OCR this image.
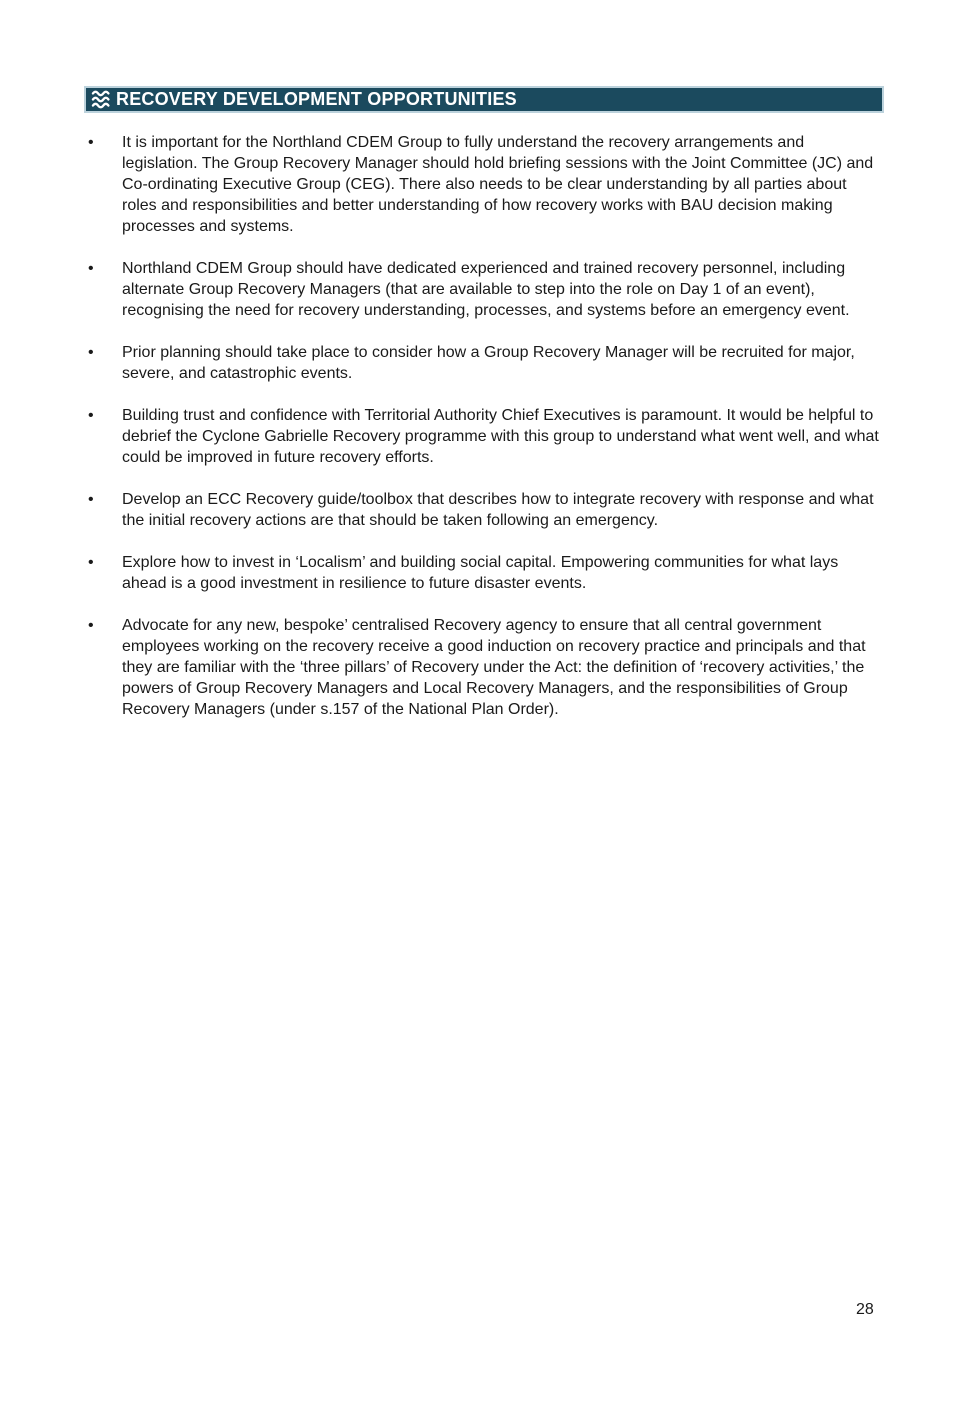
RECOVERY DEVELOPMENT OPPORTUNITIES
• It is important for the Northland CDEM Group to fully understand the recovery arrangements and legislation. The Group Recovery Manager should hold briefing sessions with the Joint Committee (JC) and Co-ordinating Executive Group (CEG). There also needs to be clear understanding by all parties about roles and responsibilities and better understanding of how recovery works with BAU decision making processes and systems.
• Northland CDEM Group should have dedicated experienced and trained recovery personnel, including alternate Group Recovery Managers (that are available to step into the role on Day 1 of an event), recognising the need for recovery understanding, processes, and systems before an emergency event.
• Prior planning should take place to consider how a Group Recovery Manager will be recruited for major, severe, and catastrophic events.
• Building trust and confidence with Territorial Authority Chief Executives is paramount. It would be helpful to debrief the Cyclone Gabrielle Recovery programme with this group to understand what went well, and what could be improved in future recovery efforts.
• Develop an ECC Recovery guide/toolbox that describes how to integrate recovery with response and what the initial recovery actions are that should be taken following an emergency.
• Explore how to invest in ‘Localism’ and building social capital. Empowering communities for what lays ahead is a good investment in resilience to future disaster events.
• Advocate for any new, bespoke’ centralised Recovery agency to ensure that all central government employees working on the recovery receive a good induction on recovery practice and principals and that they are familiar with the ‘three pillars’ of Recovery under the Act: the definition of ‘recovery activities,’ the powers of Group Recovery Managers and Local Recovery Managers, and the responsibilities of Group Recovery Managers (under s.157 of the National Plan Order).
28
